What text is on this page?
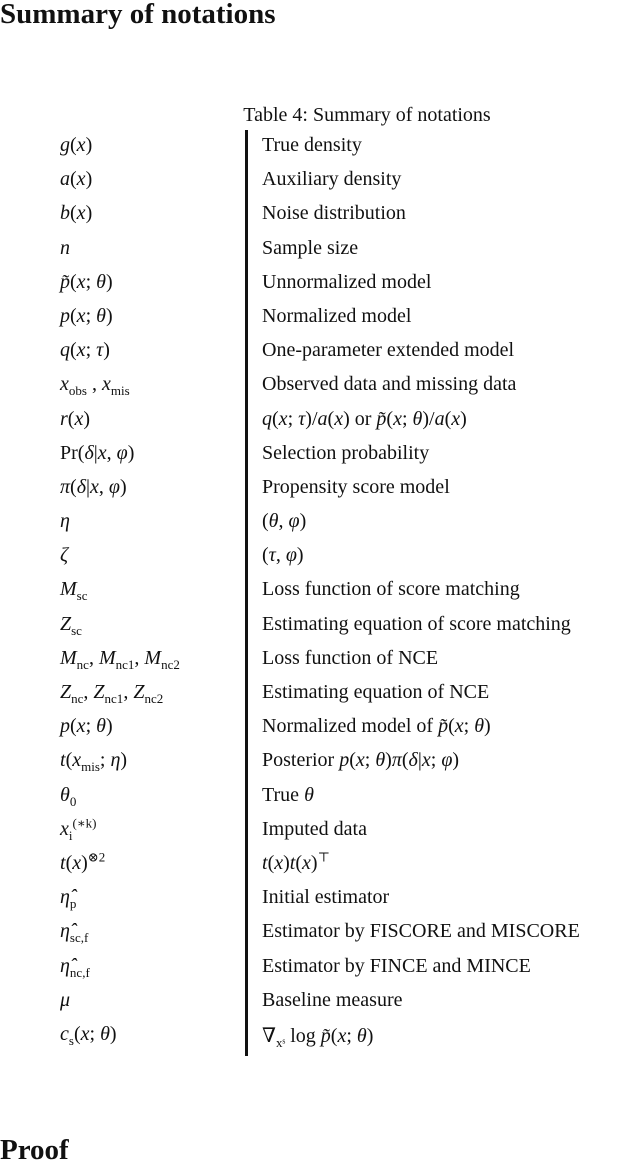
Summary of notations
Table 4: Summary of notations
g(x)	True density
a(x)	Auxiliary density
b(x)	Noise distribution
n	Sample size
p̃(x; θ)	Unnormalized model
p(x; θ)	Normalized model
q(x; τ)	One-parameter extended model
$x_{obs}$ , $x_{mis}$	Observed data and missing data
r(x)	q(x; τ)/a(x) or p̃(x; θ)/a(x)
Pr(δ|x, φ)	Selection probability
π(δ|x, φ)	Propensity score model
η	(θ, φ)
ζ	(τ, φ)
$M_{sc}$	Loss function of score matching
$Z_{sc}$	Estimating equation of score matching
$M_{nc}$, $M_{nc1}$, $M_{nc2}$	Loss function of NCE
$Z_{nc}$, $Z_{nc1}$, $Z_{nc2}$	Estimating equation of NCE
p(x; θ)	Normalized model of p̃(x; θ)
$t(x_{mis}$; η)	Posterior p(x; θ)π(δ|x; φ)
$\theta_0$	True θ
$x_i^{(∗k)}$	Imputed data
$t(x)^{\otimes 2}$	t(x)t(x)⊤
$\etâ_p$	Initial estimator
$\etâ_{sc,f}$	Estimator by FISCORE and MISCORE
$\etâ_{nc,f}$	Estimator by FINCE and MINCE
μ	Baseline measure
$c_s(x$; θ)	$\nabla_{xˢ}$ log p̃(x; θ)
Proof
